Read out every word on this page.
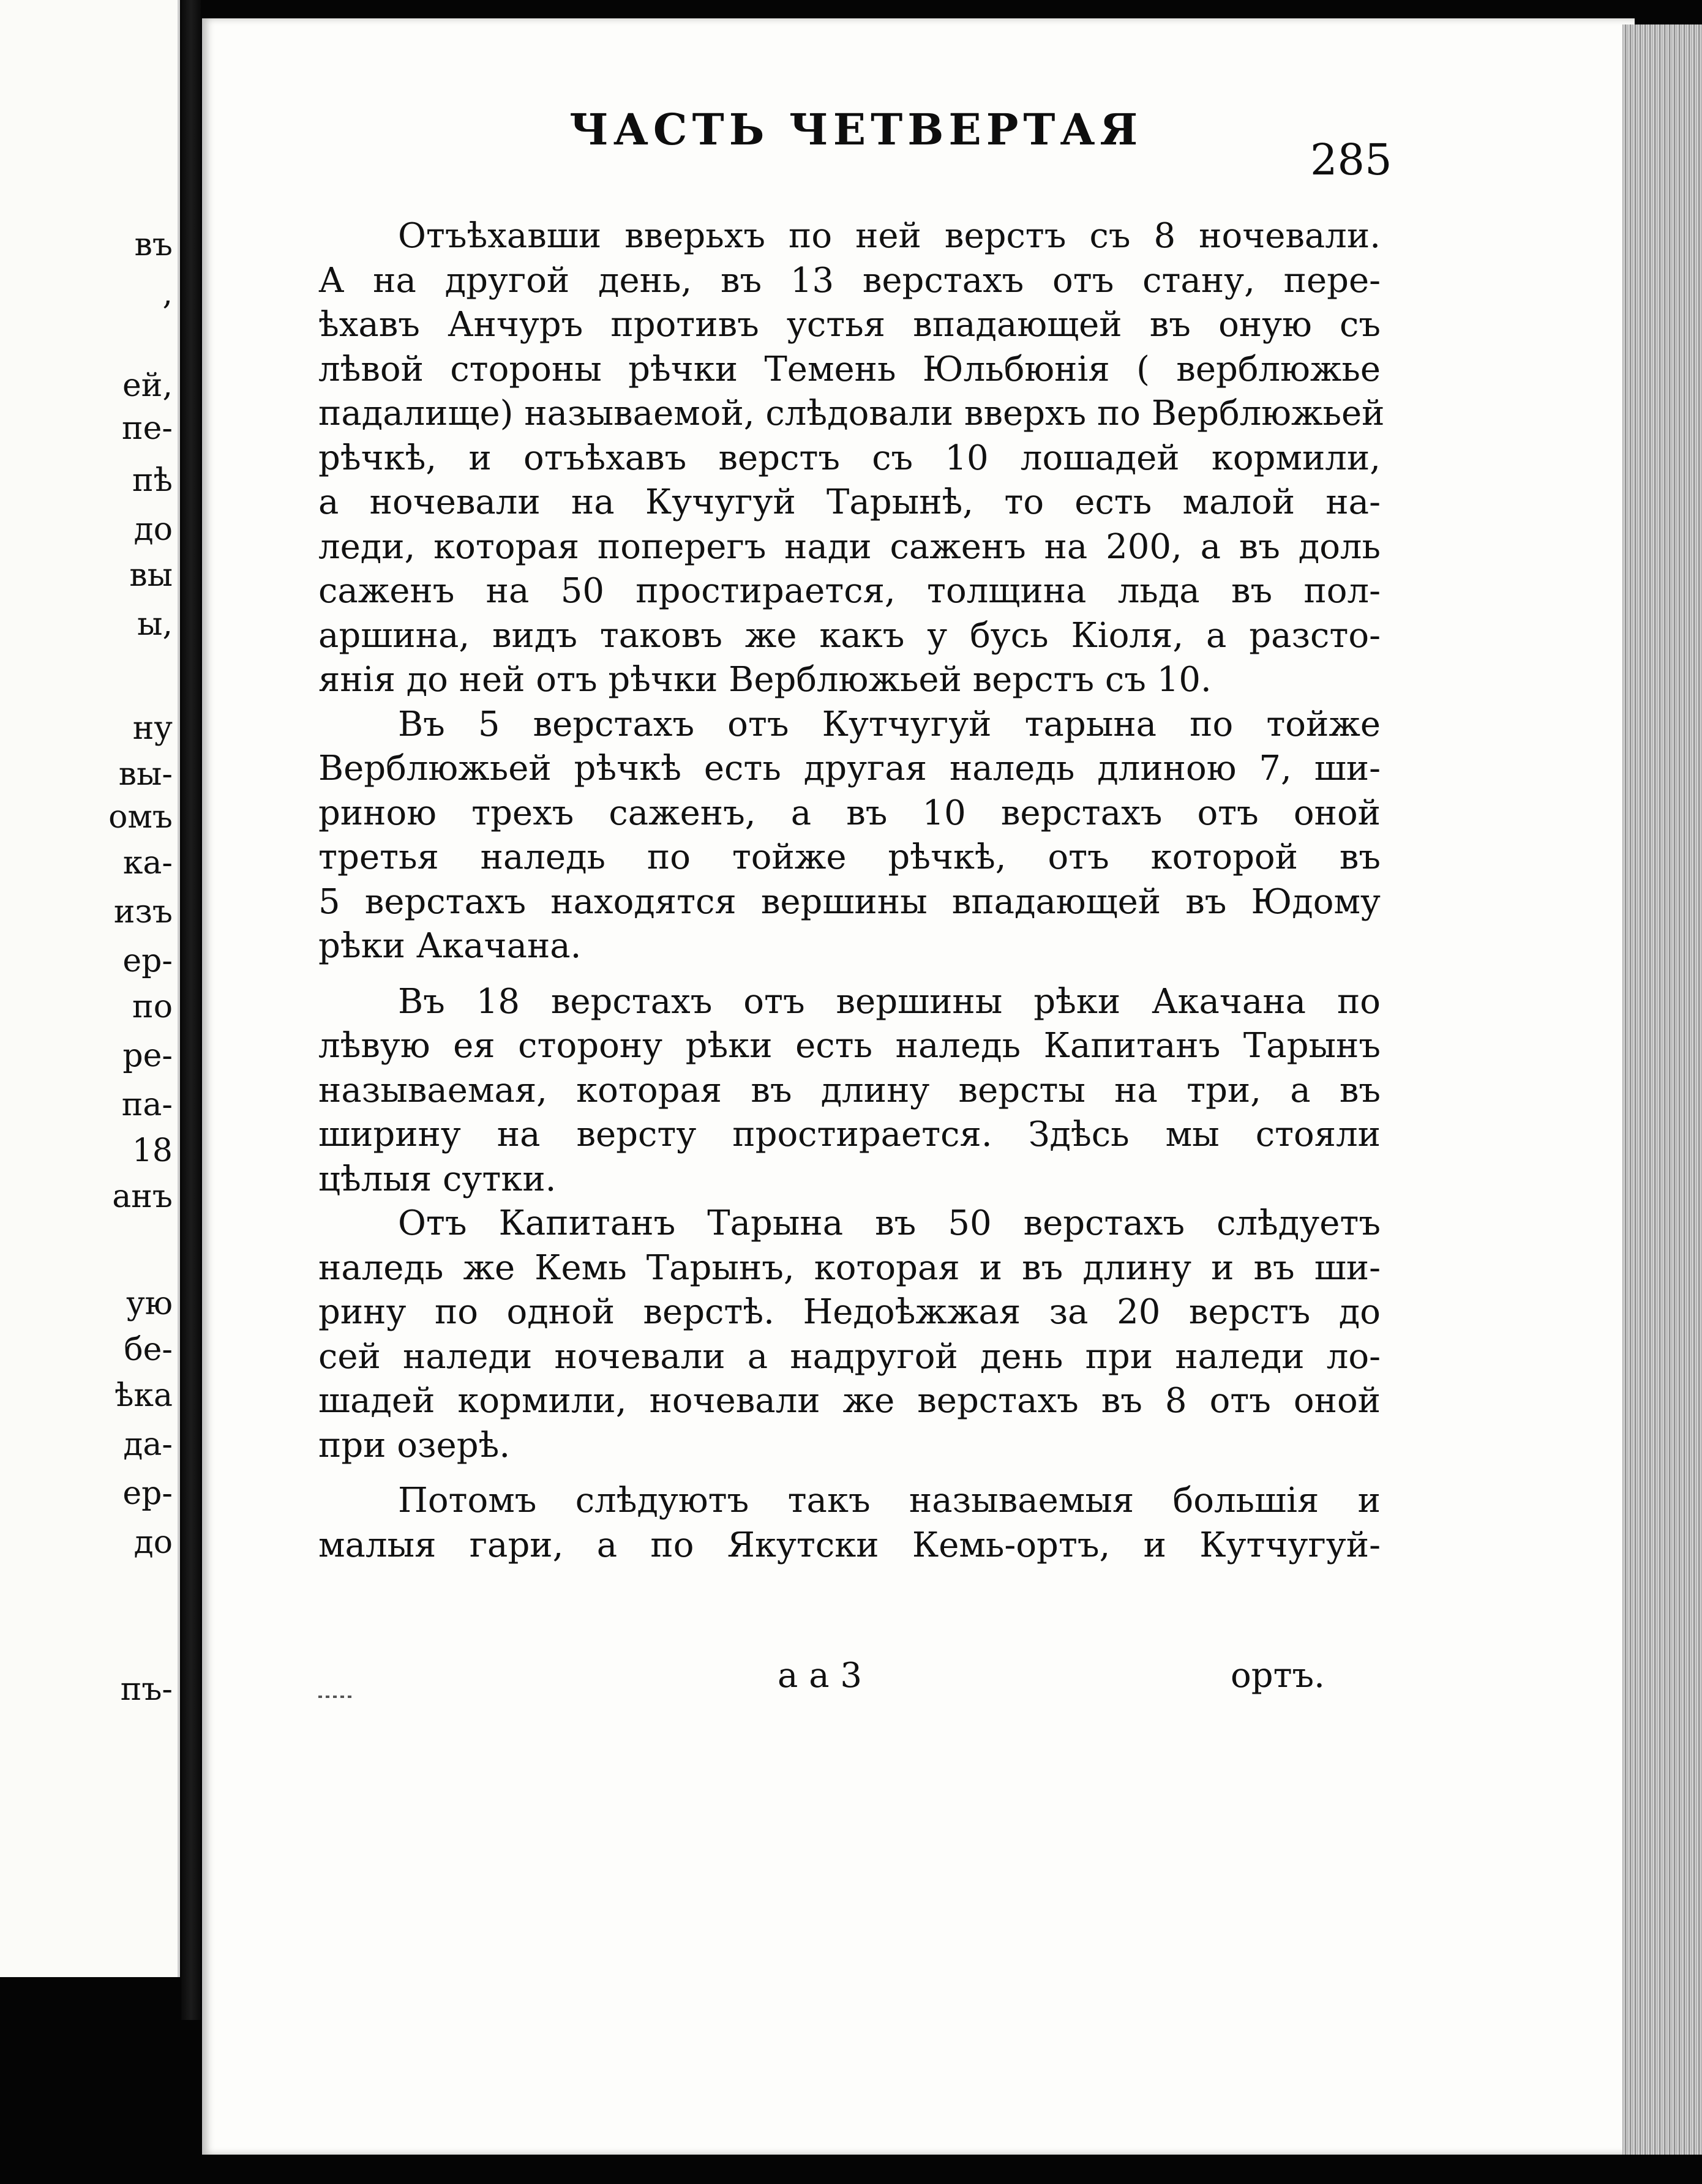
въ
,
ей,
пе-
пѣ
до
вы
ы,
ну
вы-
омъ
ка-
изъ
ер-
по
ре-
па-
18
анъ
ую
бе-
ѣка
да-
ер-
до
пъ-
ЧАСТЬ ЧЕТВЕРТАЯ
285
Отъѣхавши вверьхъ по ней верстъ съ 8 ночевали.
А на другой день, въ 13 верстахъ отъ стану, пере-
ѣхавъ Анчуръ противъ устья впадающей въ оную съ
лѣвой стороны рѣчки Темень Юльбюнія ( верблюжье
падалище) называемой, слѣдовали вверхъ по Верблюжьей
рѣчкѣ, и отъѣхавъ верстъ съ 10 лошадей кормили,
а ночевали на Кучугуй Тарынѣ, то есть малой на-
леди, которая поперегъ нади саженъ на 200, а въ доль
саженъ на 50 простирается, толщина льда въ пол-
аршина, видъ таковъ же какъ у бусь Кіоля, а разсто-
янія до ней отъ рѣчки Верблюжьей верстъ съ 10.
Въ 5 верстахъ отъ Кутчугуй тарына по тойже
Верблюжьей рѣчкѣ есть другая наледь длиною 7, ши-
риною трехъ саженъ, а въ 10 верстахъ отъ оной
третья наледь по тойже рѣчкѣ, отъ которой въ
5 верстахъ находятся вершины впадающей въ Юдому
рѣки Акачана.
Въ 18 верстахъ отъ вершины рѣки Акачана по
лѣвую ея сторону рѣки есть наледь Капитанъ Тарынъ
называемая, которая въ длину версты на три, а въ
ширину на версту простирается. Здѣсь мы стояли
цѣлыя сутки.
Отъ Капитанъ Тарына въ 50 верстахъ слѣдуетъ
наледь же Кемь Тарынъ, которая и въ длину и въ ши-
рину по одной верстѣ. Недоѣжжая за 20 верстъ до
сей наледи ночевали а надругой день при наледи ло-
шадей кормили, ночевали же верстахъ въ 8 отъ оной
при озерѣ.
Потомъ слѣдуютъ такъ называемыя большія и
малыя гари, а по Якутски Кемь-ортъ, и Кутчугуй-
а а 3	ортъ.
